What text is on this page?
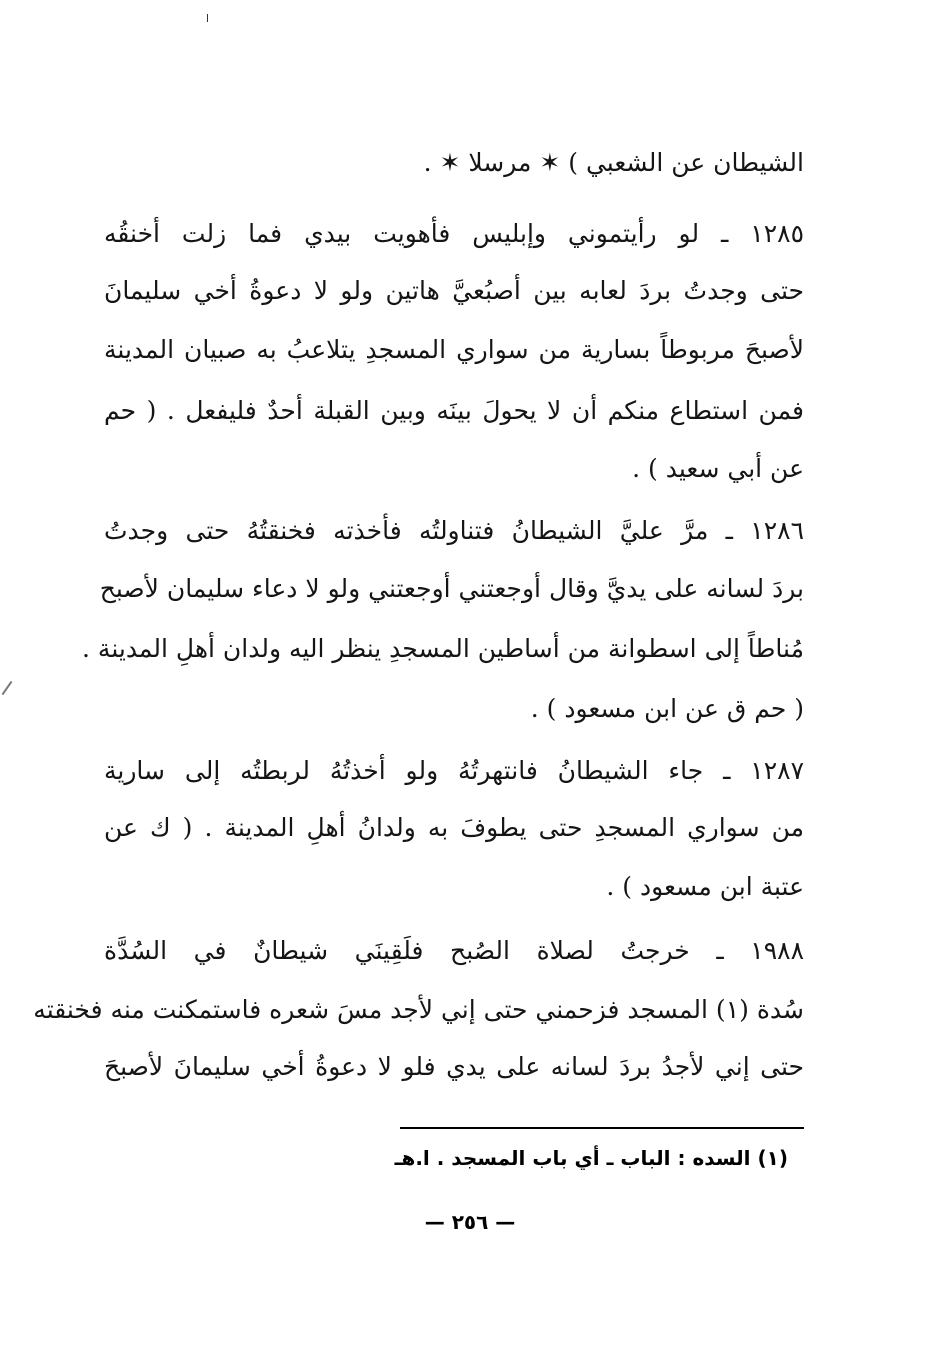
الشيطان عن الشعبي ) ✶ مرسلا ✶ .
١٢٨٥ ـ لو رأيتموني وإبليس فأهويت بيدي فما زلت أخنقُه
حتى وجدتُ بردَ لعابه بين أصبُعيَّ هاتين ولو لا دعوةُ أخي سليمانَ
لأصبحَ مربوطاً بسارية من سواري المسجدِ يتلاعبُ به صبيان المدينة
فمن استطاع منكم أن لا يحولَ بينَه وبين القبلة أحدٌ فليفعل . ( حم
عن أبي سعيد ) .
١٢٨٦ ـ مرَّ عليَّ الشيطانُ فتناولتُه فأخذته فخنقتُهُ حتى وجدتُ
بردَ لسانه على يديَّ وقال أوجعتني أوجعتني ولو لا دعاء سليمان لأصبح
مُناطاً إلى اسطوانة من أساطين المسجدِ ينظر اليه ولدان أهلِ المدينة .
( حم ق عن ابن مسعود ) .
١٢٨٧ ـ جاء الشيطانُ فانتهرتُهُ ولو أخذتُهُ لربطتُه إلى سارية
من سواري المسجدِ حتى يطوفَ به ولدانُ أهلِ المدينة . ( ك عن
عتبة ابن مسعود ) .
١٩٨٨ ـ خرجتُ لصلاة الصُبح فلَقِينَي شيطانٌ في السُدَّة
سُدة (١) المسجد فزحمني حتى إني لأجد مسَ شعره فاستمكنت منه فخنقته
حتى إني لأجدُ بردَ لسانه على يدي فلو لا دعوةُ أخي سليمانَ لأصبحَ
(١) السده : الباب ـ أي باب المسجد . ا.هـ
— ٢٥٦ —
